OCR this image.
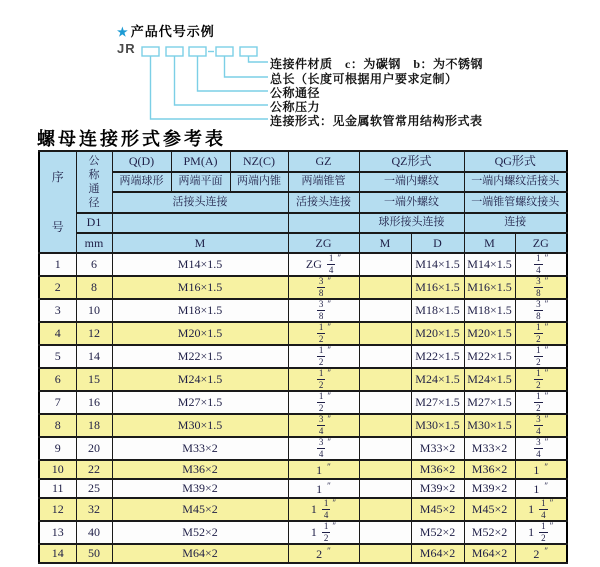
★ 产品代号示例
JR
连接件材质　c：为碳钢　b：为不锈钢
总长（长度可根据用户要求定制）
公称通径
公称压力
连接形式：见金属软管常用结构形式表
螺母连接形式参考表
序号	公称通径	Q(D)	PM(A)	NZ(C)	GZ	QZ形式		QG形式	
		两端球形	两端平面	两端内锥	两端锥管	一端内螺纹		一端内螺纹活接头	
		活接头连接			活接头连接	一端外螺纹		一端锥管螺纹接头	
	D1					球形接头连接		连接	
	mm	M			ZG	M	D	M	ZG
1	6	M14×1.5			ZG $\frac{1}{4} ''$		M14×1.5	M14×1.5	$\frac{1}{4} ''$
2	8	M16×1.5			$\frac{3}{8} ''$		M16×1.5	M16×1.5	$\frac{3}{8} ''$
3	10	M18×1.5			$\frac{3}{8} ''$		M18×1.5	M18×1.5	$\frac{3}{8} ''$
4	12	M20×1.5			$\frac{1}{2} ''$		M20×1.5	M20×1.5	$\frac{1}{2} ''$
5	14	M22×1.5			$\frac{1}{2} ''$		M22×1.5	M22×1.5	$\frac{1}{2} ''$
6	15	M24×1.5			$\frac{1}{2} ''$		M24×1.5	M24×1.5	$\frac{1}{2} ''$
7	16	M27×1.5			$\frac{1}{2} ''$		M27×1.5	M27×1.5	$\frac{1}{2} ''$
8	18	M30×1.5			$\frac{3}{4} ''$		M30×1.5	M30×1.5	$\frac{3}{4} ''$
9	20	M33×2			$\frac{3}{4} ''$		M33×2	M33×2	$\frac{3}{4} ''$
10	22	M36×2			1 ″		M36×2	M36×2	1 ″
11	25	M39×2			1 ″		M39×2	M39×2	1 ″
12	32	M45×2			$1 \frac{1}{4} ''$		M45×2	M45×2	$1 \frac{1}{4} ''$
13	40	M52×2			$1 \frac{1}{2} ''$		M52×2	M52×2	$1 \frac{1}{2} ''$
14	50	M64×2			2 ″		M64×2	M64×2	2 ″
